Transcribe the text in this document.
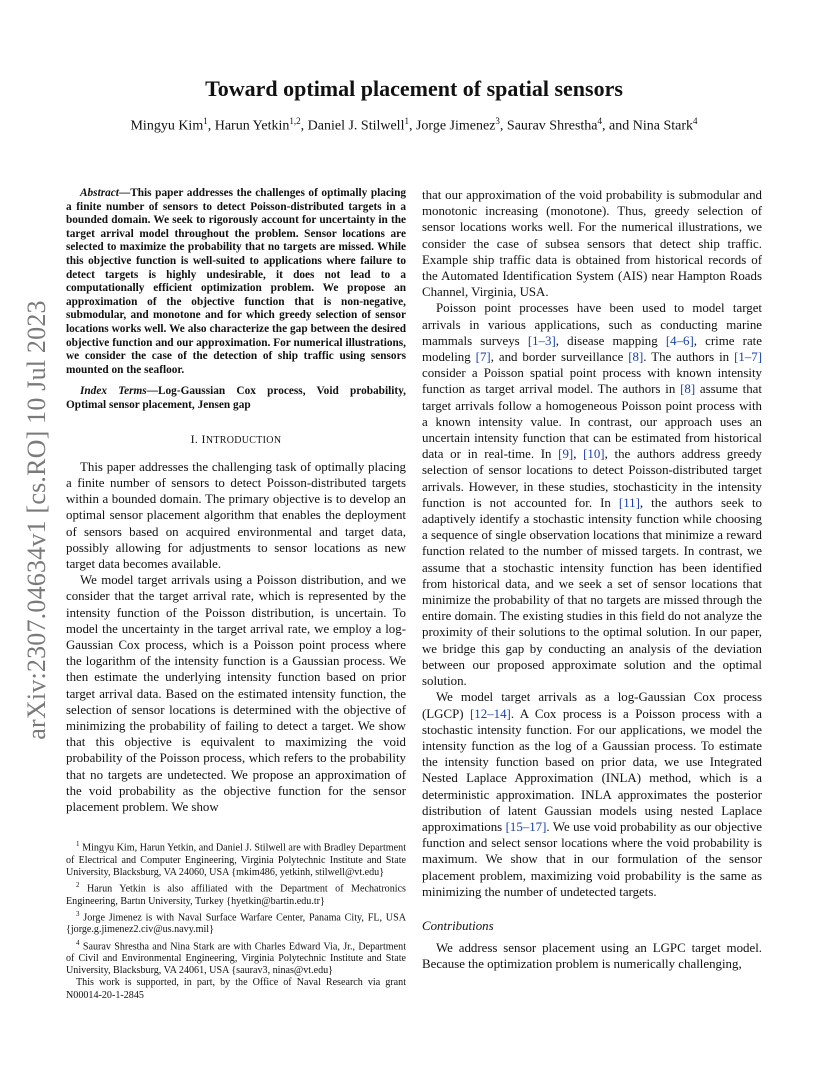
arXiv:2307.04634v1 [cs.RO] 10 Jul 2023
Toward optimal placement of spatial sensors

Mingyu Kim$^1$, Harun Yetkin$^{1,2}$, Daniel J. Stilwell$^1$, Jorge Jimenez$^3$, Saurav Shrestha$^4$, and Nina Stark$^4$

Abstract—This paper addresses the challenges of optimally placing a finite number of sensors to detect Poisson-distributed targets in a bounded domain. We seek to rigorously account for uncertainty in the target arrival model throughout the problem. Sensor locations are selected to maximize the probability that no targets are missed. While this objective function is well-suited to applications where failure to detect targets is highly undesirable, it does not lead to a computationally efficient optimization problem. We propose an approximation of the objective function that is non-negative, submodular, and monotone and for which greedy selection of sensor locations works well. We also characterize the gap between the desired objective function and our approximation. For numerical illustrations, we consider the case of the detection of ship traffic using sensors mounted on the seafloor.

Index Terms—Log-Gaussian Cox process, Void probability, Optimal sensor placement, Jensen gap

I. INTRODUCTION

This paper addresses the challenging task of optimally placing a finite number of sensors to detect Poisson-distributed targets within a bounded domain. The primary objective is to develop an optimal sensor placement algorithm that enables the deployment of sensors based on acquired environmental and target data, possibly allowing for adjustments to sensor locations as new target data becomes available.

We model target arrivals using a Poisson distribution, and we consider that the target arrival rate, which is represented by the intensity function of the Poisson distribution, is uncertain. To model the uncertainty in the target arrival rate, we employ a log-Gaussian Cox process, which is a Poisson point process where the logarithm of the intensity function is a Gaussian process. We then estimate the underlying intensity function based on prior target arrival data. Based on the estimated intensity function, the selection of sensor locations is determined with the objective of minimizing the probability of failing to detect a target. We show that this objective is equivalent to maximizing the void probability of the Poisson process, which refers to the probability that no targets are undetected. We propose an approximation of the void probability as the objective function for the sensor placement problem. We show

$^1$ Mingyu Kim, Harun Yetkin, and Daniel J. Stilwell are with Bradley Department of Electrical and Computer Engineering, Virginia Polytechnic Institute and State University, Blacksburg, VA 24060, USA {mkim486, yetkinh, stilwell@vt.edu}

$^2$ Harun Yetkin is also affiliated with the Department of Mechatronics Engineering, Bartın University, Turkey {hyetkin@bartin.edu.tr}

$^3$ Jorge Jimenez is with Naval Surface Warfare Center, Panama City, FL, USA {jorge.g.jimenez2.civ@us.navy.mil}

$^4$ Saurav Shrestha and Nina Stark are with Charles Edward Via, Jr., Department of Civil and Environmental Engineering, Virginia Polytechnic Institute and State University, Blacksburg, VA 24061, USA {saurav3, ninas@vt.edu}

This work is supported, in part, by the Office of Naval Research via grant N00014-20-1-2845

that our approximation of the void probability is submodular and monotonic increasing (monotone). Thus, greedy selection of sensor locations works well. For the numerical illustrations, we consider the case of subsea sensors that detect ship traffic. Example ship traffic data is obtained from historical records of the Automated Identification System (AIS) near Hampton Roads Channel, Virginia, USA.

Poisson point processes have been used to model target arrivals in various applications, such as conducting marine mammals surveys [1–3], disease mapping [4–6], crime rate modeling [7], and border surveillance [8]. The authors in [1–7] consider a Poisson spatial point process with known intensity function as target arrival model. The authors in [8] assume that target arrivals follow a homogeneous Poisson point process with a known intensity value. In contrast, our approach uses an uncertain intensity function that can be estimated from historical data or in real-time. In [9], [10], the authors address greedy selection of sensor locations to detect Poisson-distributed target arrivals. However, in these studies, stochasticity in the intensity function is not accounted for. In [11], the authors seek to adaptively identify a stochastic intensity function while choosing a sequence of single observation locations that minimize a reward function related to the number of missed targets. In contrast, we assume that a stochastic intensity function has been identified from historical data, and we seek a set of sensor locations that minimize the probability of that no targets are missed through the entire domain. The existing studies in this field do not analyze the proximity of their solutions to the optimal solution. In our paper, we bridge this gap by conducting an analysis of the deviation between our proposed approximate solution and the optimal solution.

We model target arrivals as a log-Gaussian Cox process (LGCP) [12–14]. A Cox process is a Poisson process with a stochastic intensity function. For our applications, we model the intensity function as the log of a Gaussian process. To estimate the intensity function based on prior data, we use Integrated Nested Laplace Approximation (INLA) method, which is a deterministic approximation. INLA approximates the posterior distribution of latent Gaussian models using nested Laplace approximations [15–17]. We use void probability as our objective function and select sensor locations where the void probability is maximum. We show that in our formulation of the sensor placement problem, maximizing void probability is the same as minimizing the number of undetected targets.

Contributions

We address sensor placement using an LGPC target model. Because the optimization problem is numerically challenging,
